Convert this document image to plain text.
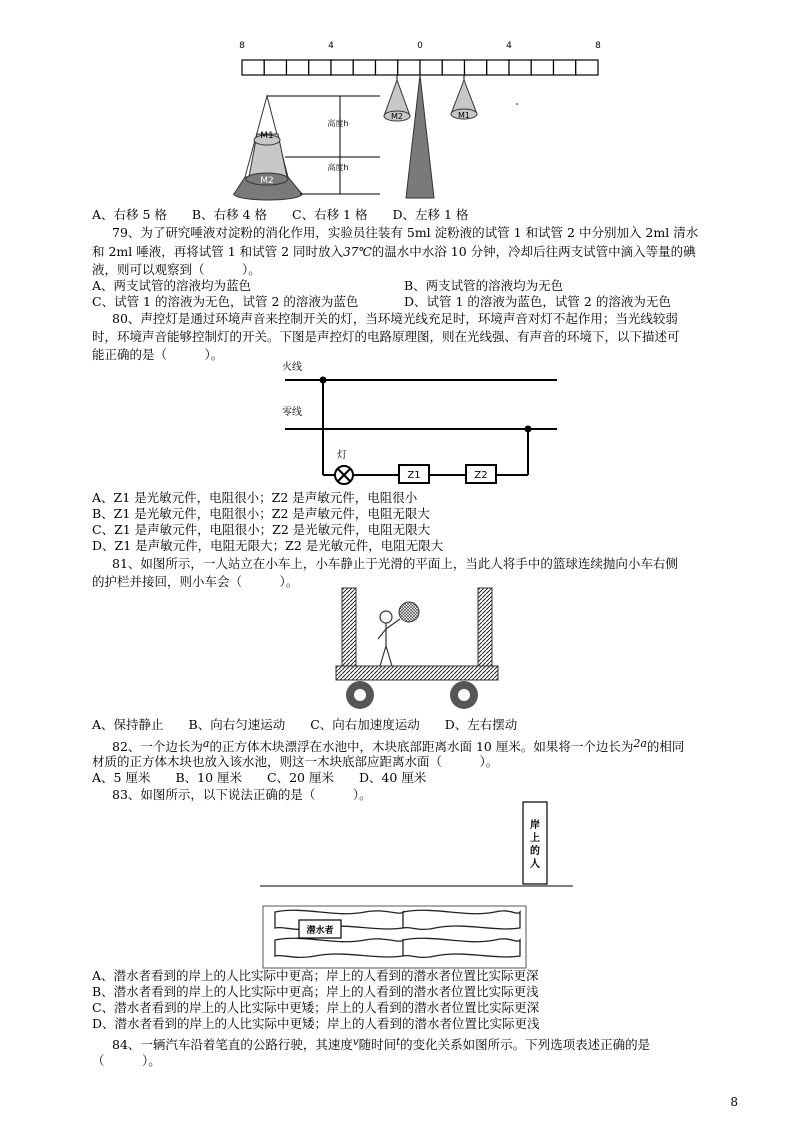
8	4	0	4	8
M1
M2
高度h
高度h
M2	M1
A、右移 5 格　　B、右移 4 格　　C、右移 1 格　　D、左移 1 格
79、为了研究唾液对淀粉的消化作用，实验员往装有 5ml 淀粉液的试管 1 和试管 2 中分别加入 2ml 清水
和 2ml 唾液，再将试管 1 和试管 2 同时放入37℃的温水中水浴 10 分钟，冷却后往两支试管中滴入等量的碘
液，则可以观察到（　　　）。
A、两支试管的溶液均为蓝色	B、两支试管的溶液均为无色
C、试管 1 的溶液为无色，试管 2 的溶液为蓝色	D、试管 1 的溶液为蓝色，试管 2 的溶液为无色
80、声控灯是通过环境声音来控制开关的灯，当环境光线充足时，环境声音对灯不起作用；当光线较弱
时，环境声音能够控制灯的开关。下图是声控灯的电路原理图，则在光线强、有声音的环境下，以下描述可
能正确的是（　　　）。
火线
零线
灯
Z1	Z2
A、Z1 是光敏元件，电阻很小；Z2 是声敏元件，电阻很小
B、Z1 是光敏元件，电阻很小；Z2 是声敏元件，电阻无限大
C、Z1 是声敏元件，电阻很小；Z2 是光敏元件，电阻无限大
D、Z1 是声敏元件，电阻无限大；Z2 是光敏元件，电阻无限大
81、如图所示，一人站立在小车上，小车静止于光滑的平面上，当此人将手中的篮球连续抛向小车右侧
的护栏并接回，则小车会（　　　）。
A、保持静止　　B、向右匀速运动　　C、向右加速度运动　　D、左右摆动
82、一个边长为a的正方体木块漂浮在水池中，木块底部距离水面 10 厘米。如果将一个边长为2a的相同
材质的正方体木块也放入该水池，则这一木块底部应距离水面（　　　）。
A、5 厘米　　B、10 厘米　　C、20 厘米　　D、40 厘米
83、如图所示，以下说法正确的是（　　　）。
岸上的人
潜水者
A、潜水者看到的岸上的人比实际中更高；岸上的人看到的潜水者位置比实际更深
B、潜水者看到的岸上的人比实际中更高；岸上的人看到的潜水者位置比实际更浅
C、潜水者看到的岸上的人比实际中更矮；岸上的人看到的潜水者位置比实际更深
D、潜水者看到的岸上的人比实际中更矮；岸上的人看到的潜水者位置比实际更浅
84、一辆汽车沿着笔直的公路行驶，其速度$^v$随时间$^t$的变化关系如图所示。下列选项表述正确的是
（　　　）。
8
